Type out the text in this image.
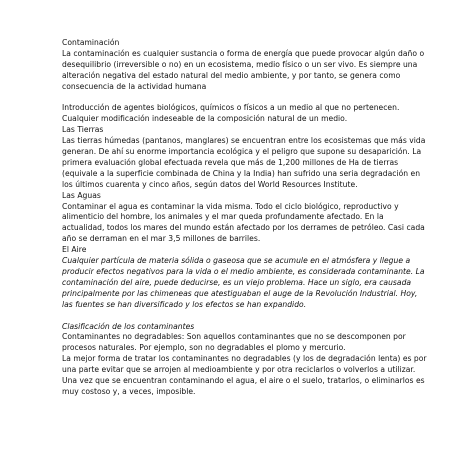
Contaminación

La contaminación es cualquier sustancia o forma de energía que puede provocar algún daño o desequilibrio (irreversible o no) en un ecosistema, medio físico o un ser vivo. Es siempre una alteración negativa del estado natural del medio ambiente, y por tanto, se genera como consecuencia de la actividad humana

Introducción de agentes biológicos, químicos o físicos a un medio al que no pertenecen. Cualquier modificación indeseable de la composición natural de un medio.

Las Tierras

Las tierras húmedas (pantanos, manglares) se encuentran entre los ecosistemas que más vida generan. De ahí su enorme importancia ecológica y el peligro que supone su desaparición. La primera evaluación global efectuada revela que más de 1,200 millones de Ha de tierras (equivale a la superficie combinada de China y la India) han sufrido una seria degradación en los últimos cuarenta y cinco años, según datos del World Resources Institute.

Las Aguas

Contaminar el agua es contaminar la vida misma. Todo el ciclo biológico, reproductivo y alimenticio del hombre, los animales y el mar queda profundamente afectado. En la actualidad, todos los mares del mundo están afectado por los derrames de petróleo. Casi cada año se derraman en el mar 3,5 millones de barriles.

El Aire

Cualquier partícula de materia sólida o gaseosa que se acumule en el atmósfera y llegue a producir efectos negativos para la vida o el medio ambiente, es considerada contaminante. La contaminación del aire, puede deducirse, es un viejo problema. Hace un siglo, era causada principalmente por las chimeneas que atestiguaban el auge de la Revolución Industrial. Hoy, las fuentes se han diversificado y los efectos se han expandido.

Clasificación de los contaminantes

Contaminantes no degradables: Son aquellos contaminantes que no se descomponen por procesos naturales. Por ejemplo, son no degradables el plomo y mercurio.

La mejor forma de tratar los contaminantes no degradables (y los de degradación lenta) es por una parte evitar que se arrojen al medioambiente y por otra reciclarlos o volverlos a utilizar. Una vez que se encuentran contaminando el agua, el aire o el suelo, tratarlos, o eliminarlos es muy costoso y, a veces, imposible.
